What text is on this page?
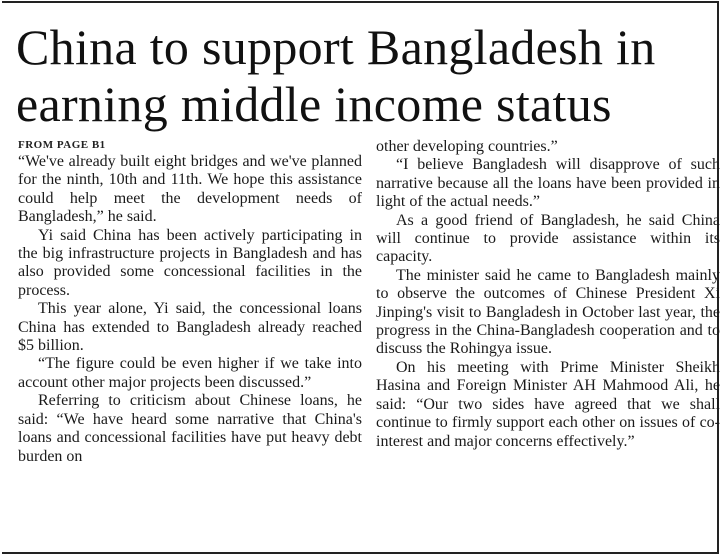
China to support Bangladesh in earning middle income status
FROM PAGE B1

“We've already built eight bridges and we've planned for the ninth, 10th and 11th. We hope this assistance could help meet the development needs of Bangladesh,” he said.

Yi said China has been actively participating in the big infrastructure projects in Bangladesh and has also provided some concessional facilities in the process.

This year alone, Yi said, the concessional loans China has extended to Bangladesh already reached $5 billion.

“The figure could be even higher if we take into account other major projects been discussed.”

Referring to criticism about Chinese loans, he said: “We have heard some narrative that China's loans and concessional facilities have put heavy debt burden on

other developing countries.”

“I believe Bangladesh will disapprove of such narrative because all the loans have been provided in light of the actual needs.”

As a good friend of Bangladesh, he said China will continue to provide assistance within its capacity.

The minister said he came to Bangladesh mainly to observe the outcomes of Chinese President Xi Jinping's visit to Bangladesh in October last year, the progress in the China-Bangladesh cooperation and to discuss the Rohingya issue.

On his meeting with Prime Minister Sheikh Hasina and Foreign Minister AH Mahmood Ali, he said: “Our two sides have agreed that we shall continue to firmly support each other on issues of co-interest and major concerns effectively.”
